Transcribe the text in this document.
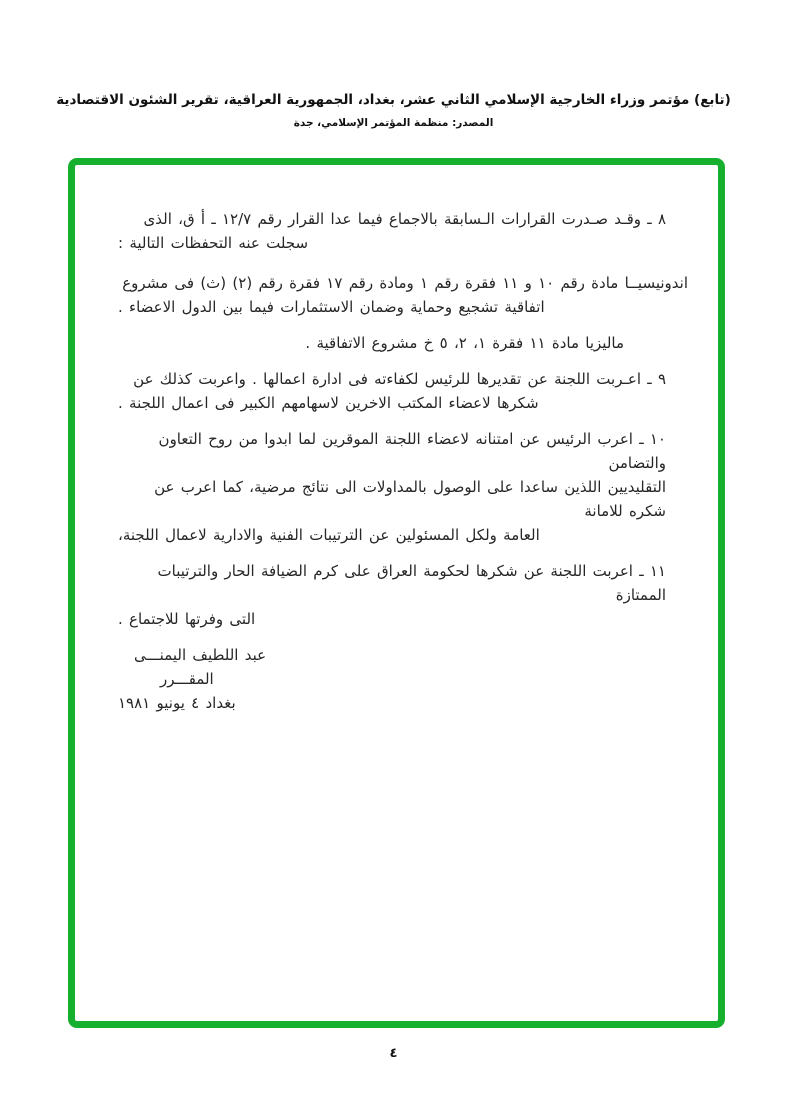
(تابع) مؤتمر وزراء الخارجية الإسلامي الثاني عشر، بغداد، الجمهورية العراقية، تقرير الشئون الاقتصادية
المصدر: منظمة المؤتمر الإسلامي، جدة
٨ ـ وقـد صـدرت القرارات الـسابقة بالاجماع فيما عدا القرار رقم ١٢/٧ ـ أ ق، الذى
سجلت عنه التحفظات التالية :
اندونيسيــا مادة رقم ١٠ و ١١ فقرة رقم ١ ومادة رقم ١٧ فقرة رقم (٢) (ث) فى مشروع
اتفاقية تشجيع وحماية وضمان الاستثمارات فيما بين الدول الاعضاء .
ماليزيا مادة ١١ فقرة ١، ٢، ٥ خ مشروع الاتفاقية .
٩ ـ اعـربت اللجنة عن تقديرها للرئيس لكفاءته فى ادارة اعمالها . واعربت كذلك عن
شكرها لاعضاء المكتب الاخرين لاسهامهم الكبير فى اعمال اللجنة .
١٠ ـ اعرب الرئيس عن امتنانه لاعضاء اللجنة الموقرين لما ابدوا من روح التعاون والتضامن
التقليديين اللذين ساعدا على الوصول بالمداولات الى نتائج مرضية، كما اعرب عن شكره للامانة
العامة ولكل المسئولين عن الترتيبات الفنية والادارية لاعمال اللجنة،
١١ ـ اعربت اللجنة عن شكرها لحكومة العراق على كرم الضيافة الحار والترتيبات الممتازة
التى وفرتها للاجتماع .
عبد اللطيف اليمنـــى
المقـــرر
بغداد ٤ يونيو ١٩٨١
٤
